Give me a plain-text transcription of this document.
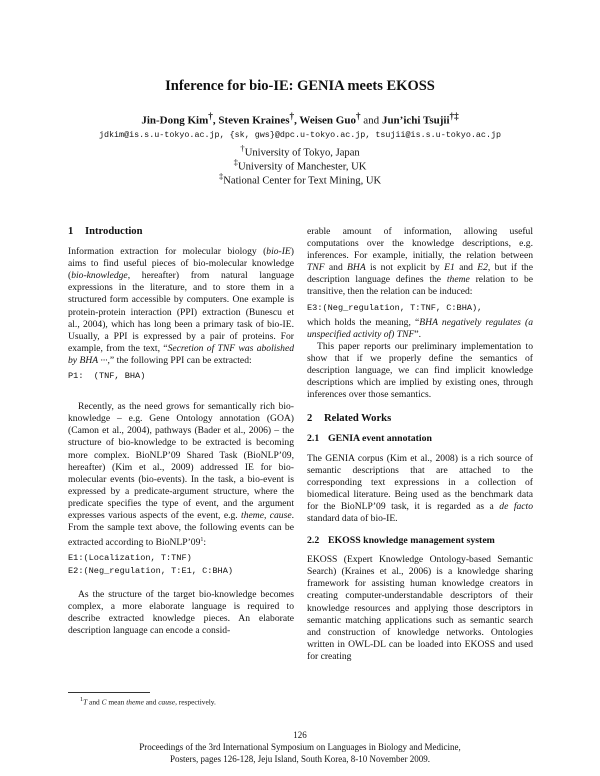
Inference for bio-IE: GENIA meets EKOSS
Jin-Dong Kim†, Steven Kraines†, Weisen Guo† and Jun’ichi Tsujii†‡
jdkim@is.s.u-tokyo.ac.jp, {sk, gws}@dpc.u-tokyo.ac.jp, tsujii@is.s.u-tokyo.ac.jp
†University of Tokyo, Japan
‡University of Manchester, UK
‡National Center for Text Mining, UK

1 Introduction

Information extraction for molecular biology (bio-IE) aims to find useful pieces of bio-molecular knowledge (bio-knowledge, hereafter) from natural language expressions in the literature, and to store them in a structured form accessible by computers. One example is protein-protein interaction (PPI) extraction (Bunescu et al., 2004), which has long been a primary task of bio-IE. Usually, a PPI is expressed by a pair of proteins. For example, from the text, “Secretion of TNF was abolished by BHA ···,” the following PPI can be extracted:

P1:  (TNF, BHA)

Recently, as the need grows for semantically rich bio-knowledge – e.g. Gene Ontology annotation (GOA) (Camon et al., 2004), pathways (Bader et al., 2006) – the structure of bio-knowledge to be extracted is becoming more complex. BioNLP’09 Shared Task (BioNLP’09, hereafter) (Kim et al., 2009) addressed IE for bio-molecular events (bio-events). In the task, a bio-event is expressed by a predicate-argument structure, where the predicate specifies the type of event, and the argument expresses various aspects of the event, e.g. theme, cause. From the sample text above, the following events can be extracted according to $BioNLP’09^1$:

E1:(Localization, T:TNF)
E2:(Neg_regulation, T:E1, C:BHA)

As the structure of the target bio-knowledge becomes complex, a more elaborate language is required to describe extracted knowledge pieces. An elaborate description language can encode a consid-

$^1$T and C mean theme and cause, respectively.

erable amount of information, allowing useful computations over the knowledge descriptions, e.g. inferences. For example, initially, the relation between TNF and BHA is not explicit by E1 and E2, but if the description language defines the theme relation to be transitive, then the relation can be induced:

E3:(Neg_regulation, T:TNF, C:BHA),

which holds the meaning, “BHA negatively regulates (a unspecified activity of) TNF”.

This paper reports our preliminary implementation to show that if we properly define the semantics of description language, we can find implicit knowledge descriptions which are implied by existing ones, through inferences over those semantics.

2 Related Works

2.1 GENIA event annotation

The GENIA corpus (Kim et al., 2008) is a rich source of semantic descriptions that are attached to the corresponding text expressions in a collection of biomedical literature. Being used as the benchmark data for the BioNLP’09 task, it is regarded as a de facto standard data of bio-IE.

2.2 EKOSS knowledge management system

EKOSS (Expert Knowledge Ontology-based Semantic Search) (Kraines et al., 2006) is a knowledge sharing framework for assisting human knowledge creators in creating computer-understandable descriptors of their knowledge resources and applying those descriptors in semantic matching applications such as semantic search and construction of knowledge networks. Ontologies written in OWL-DL can be loaded into EKOSS and used for creating

126
Proceedings of the 3rd International Symposium on Languages in Biology and Medicine,
Posters, pages 126-128, Jeju Island, South Korea, 8-10 November 2009.
